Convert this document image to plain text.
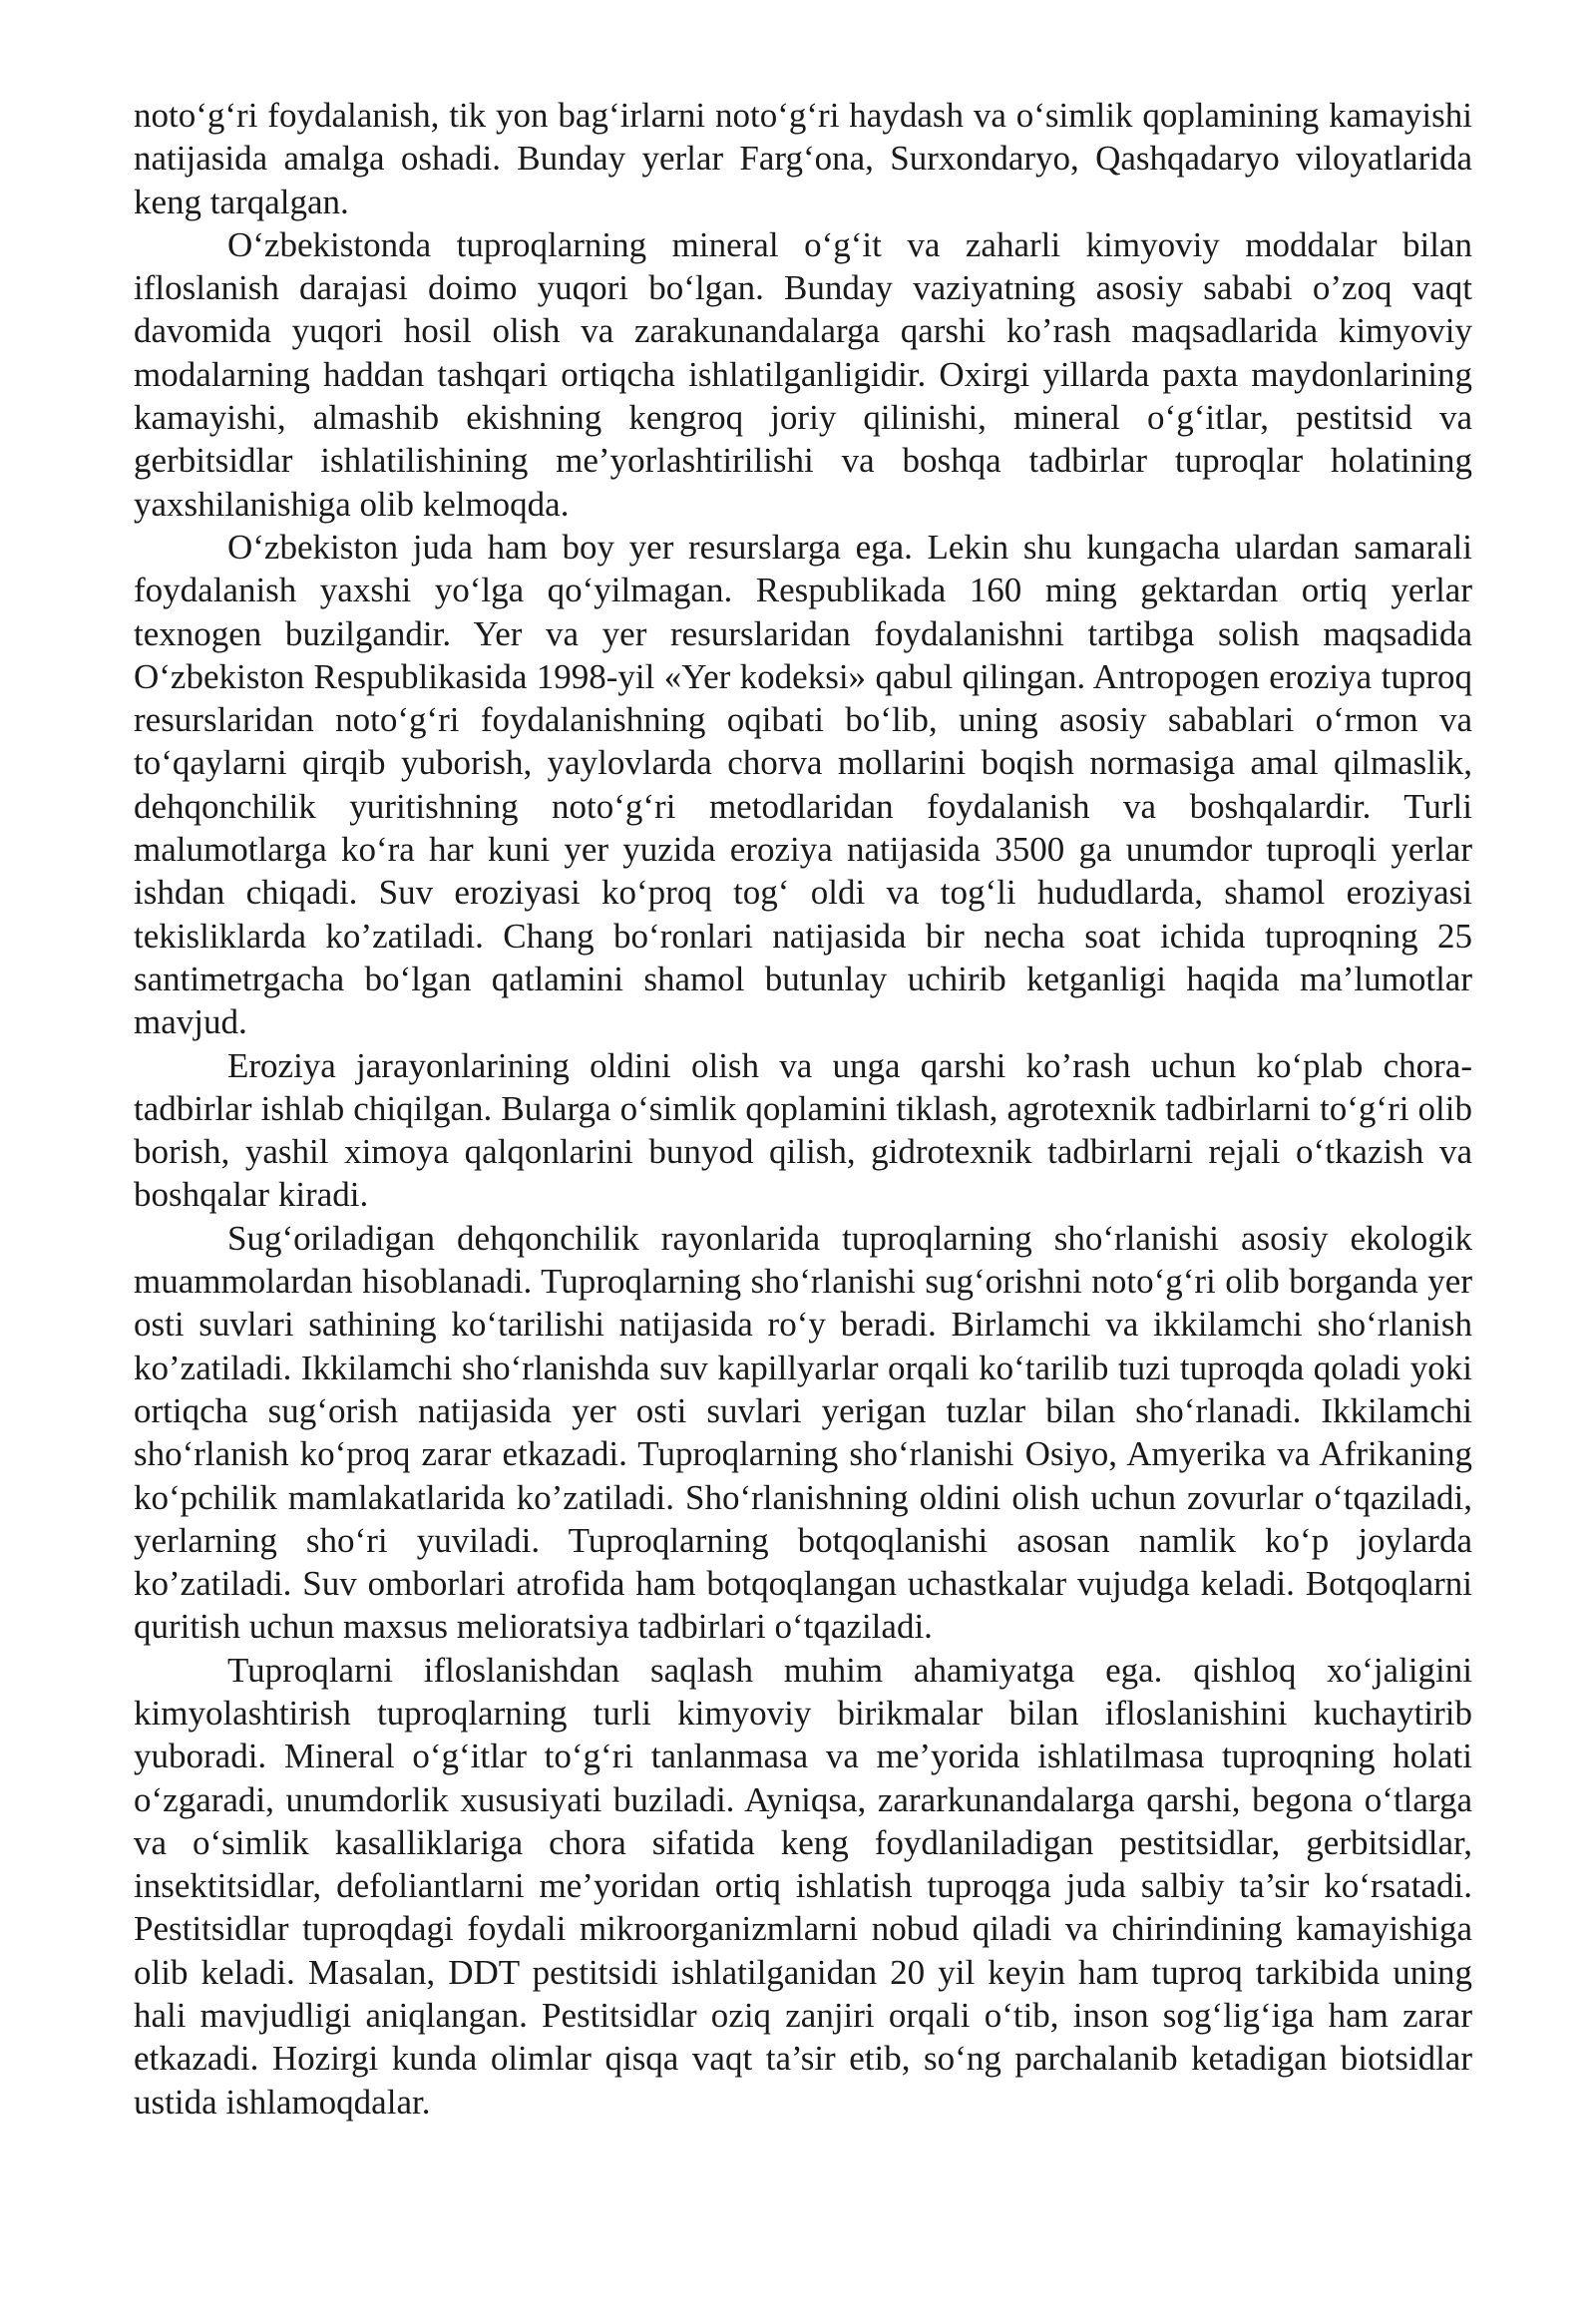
noto‘g‘ri foydalanish, tik yon bag‘irlarni noto‘g‘ri haydash va o‘simlik qoplamining kamayishi natijasida amalga oshadi. Bunday yerlar Farg‘ona, Surxondaryo, Qashqadaryo viloyatlarida keng tarqalgan.

O‘zbekistonda tuproqlarning mineral o‘g‘it va zaharli kimyoviy moddalar bilan ifloslanish darajasi doimo yuqori bo‘lgan. Bunday vaziyatning asosiy sababi o’zoq vaqt davomida yuqori hosil olish va zarakunandalarga qarshi ko’rash maqsadlarida kimyoviy modalarning haddan tashqari ortiqcha ishlatilganligidir. Oxirgi yillarda paxta maydonlarining kamayishi, almashib ekishning kengroq joriy qilinishi, mineral o‘g‘itlar, pestitsid va gerbitsidlar ishlatilishining me’yorlashtirilishi va boshqa tadbirlar tuproqlar holatining yaxshilanishiga olib kelmoqda.

O‘zbekiston juda ham boy yer resurslarga ega. Lekin shu kungacha ulardan samarali foydalanish yaxshi yo‘lga qo‘yilmagan. Respublikada 160 ming gektardan ortiq yerlar texnogen buzilgandir. Yer va yer resurslaridan foydalanishni tartibga solish maqsadida O‘zbekiston Respublikasida 1998-yil «Yer kodeksi» qabul qilingan. Antropogen eroziya tuproq resurslaridan noto‘g‘ri foydalanishning oqibati bo‘lib, uning asosiy sabablari o‘rmon va to‘qaylarni qirqib yuborish, yaylovlarda chorva mollarini boqish normasiga amal qilmaslik, dehqonchilik yuritishning noto‘g‘ri metodlaridan foydalanish va boshqalardir. Turli malumotlarga ko‘ra har kuni yer yuzida eroziya natijasida 3500 ga unumdor tuproqli yerlar ishdan chiqadi. Suv eroziyasi ko‘proq tog‘ oldi va tog‘li hududlarda, shamol eroziyasi tekisliklarda ko’zatiladi. Chang bo‘ronlari natijasida bir necha soat ichida tuproqning 25 santimetrgacha bo‘lgan qatlamini shamol butunlay uchirib ketganligi haqida ma’lumotlar mavjud.

Eroziya jarayonlarining oldini olish va unga qarshi ko’rash uchun ko‘plab chora-tadbirlar ishlab chiqilgan. Bularga o‘simlik qoplamini tiklash, agrotexnik tadbirlarni to‘g‘ri olib borish, yashil ximoya qalqonlarini bunyod qilish, gidrotexnik tadbirlarni rejali o‘tkazish va boshqalar kiradi.

Sug‘oriladigan dehqonchilik rayonlarida tuproqlarning sho‘rlanishi asosiy ekologik muammolardan hisoblanadi. Tuproqlarning sho‘rlanishi sug‘orishni noto‘g‘ri olib borganda yer osti suvlari sathining ko‘tarilishi natijasida ro‘y beradi. Birlamchi va ikkilamchi sho‘rlanish ko’zatiladi. Ikkilamchi sho‘rlanishda suv kapillyarlar orqali ko‘tarilib tuzi tuproqda qoladi yoki ortiqcha sug‘orish natijasida yer osti suvlari yerigan tuzlar bilan sho‘rlanadi. Ikkilamchi sho‘rlanish ko‘proq zarar etkazadi. Tuproqlarning sho‘rlanishi Osiyo, Amyerika va Afrikaning ko‘pchilik mamlakatlarida ko’zatiladi. Sho‘rlanishning oldini olish uchun zovurlar o‘tqaziladi, yerlarning sho‘ri yuviladi. Tuproqlarning botqoqlanishi asosan namlik ko‘p joylarda ko’zatiladi. Suv omborlari atrofida ham botqoqlangan uchastkalar vujudga keladi. Botqoqlarni quritish uchun maxsus melioratsiya tadbirlari o‘tqaziladi.

Tuproqlarni ifloslanishdan saqlash muhim ahamiyatga ega. qishloq xo‘jaligini kimyolashtirish tuproqlarning turli kimyoviy birikmalar bilan ifloslanishini kuchaytirib yuboradi. Mineral o‘g‘itlar to‘g‘ri tanlanmasa va me’yorida ishlatilmasa tuproqning holati o‘zgaradi, unumdorlik xususiyati buziladi. Ayniqsa, zararkunandalarga qarshi, begona o‘tlarga va o‘simlik kasalliklariga chora sifatida keng foydlaniladigan pestitsidlar, gerbitsidlar, insektitsidlar, defoliantlarni me’yoridan ortiq ishlatish tuproqga juda salbiy ta’sir ko‘rsatadi. Pestitsidlar tuproqdagi foydali mikroorganizmlarni nobud qiladi va chirindining kamayishiga olib keladi. Masalan, DDT pestitsidi ishlatilganidan 20 yil keyin ham tuproq tarkibida uning hali mavjudligi aniqlangan. Pestitsidlar oziq zanjiri orqali o‘tib, inson sog‘lig‘iga ham zarar etkazadi. Hozirgi kunda olimlar qisqa vaqt ta’sir etib, so‘ng parchalanib ketadigan biotsidlar ustida ishlamoqdalar.
